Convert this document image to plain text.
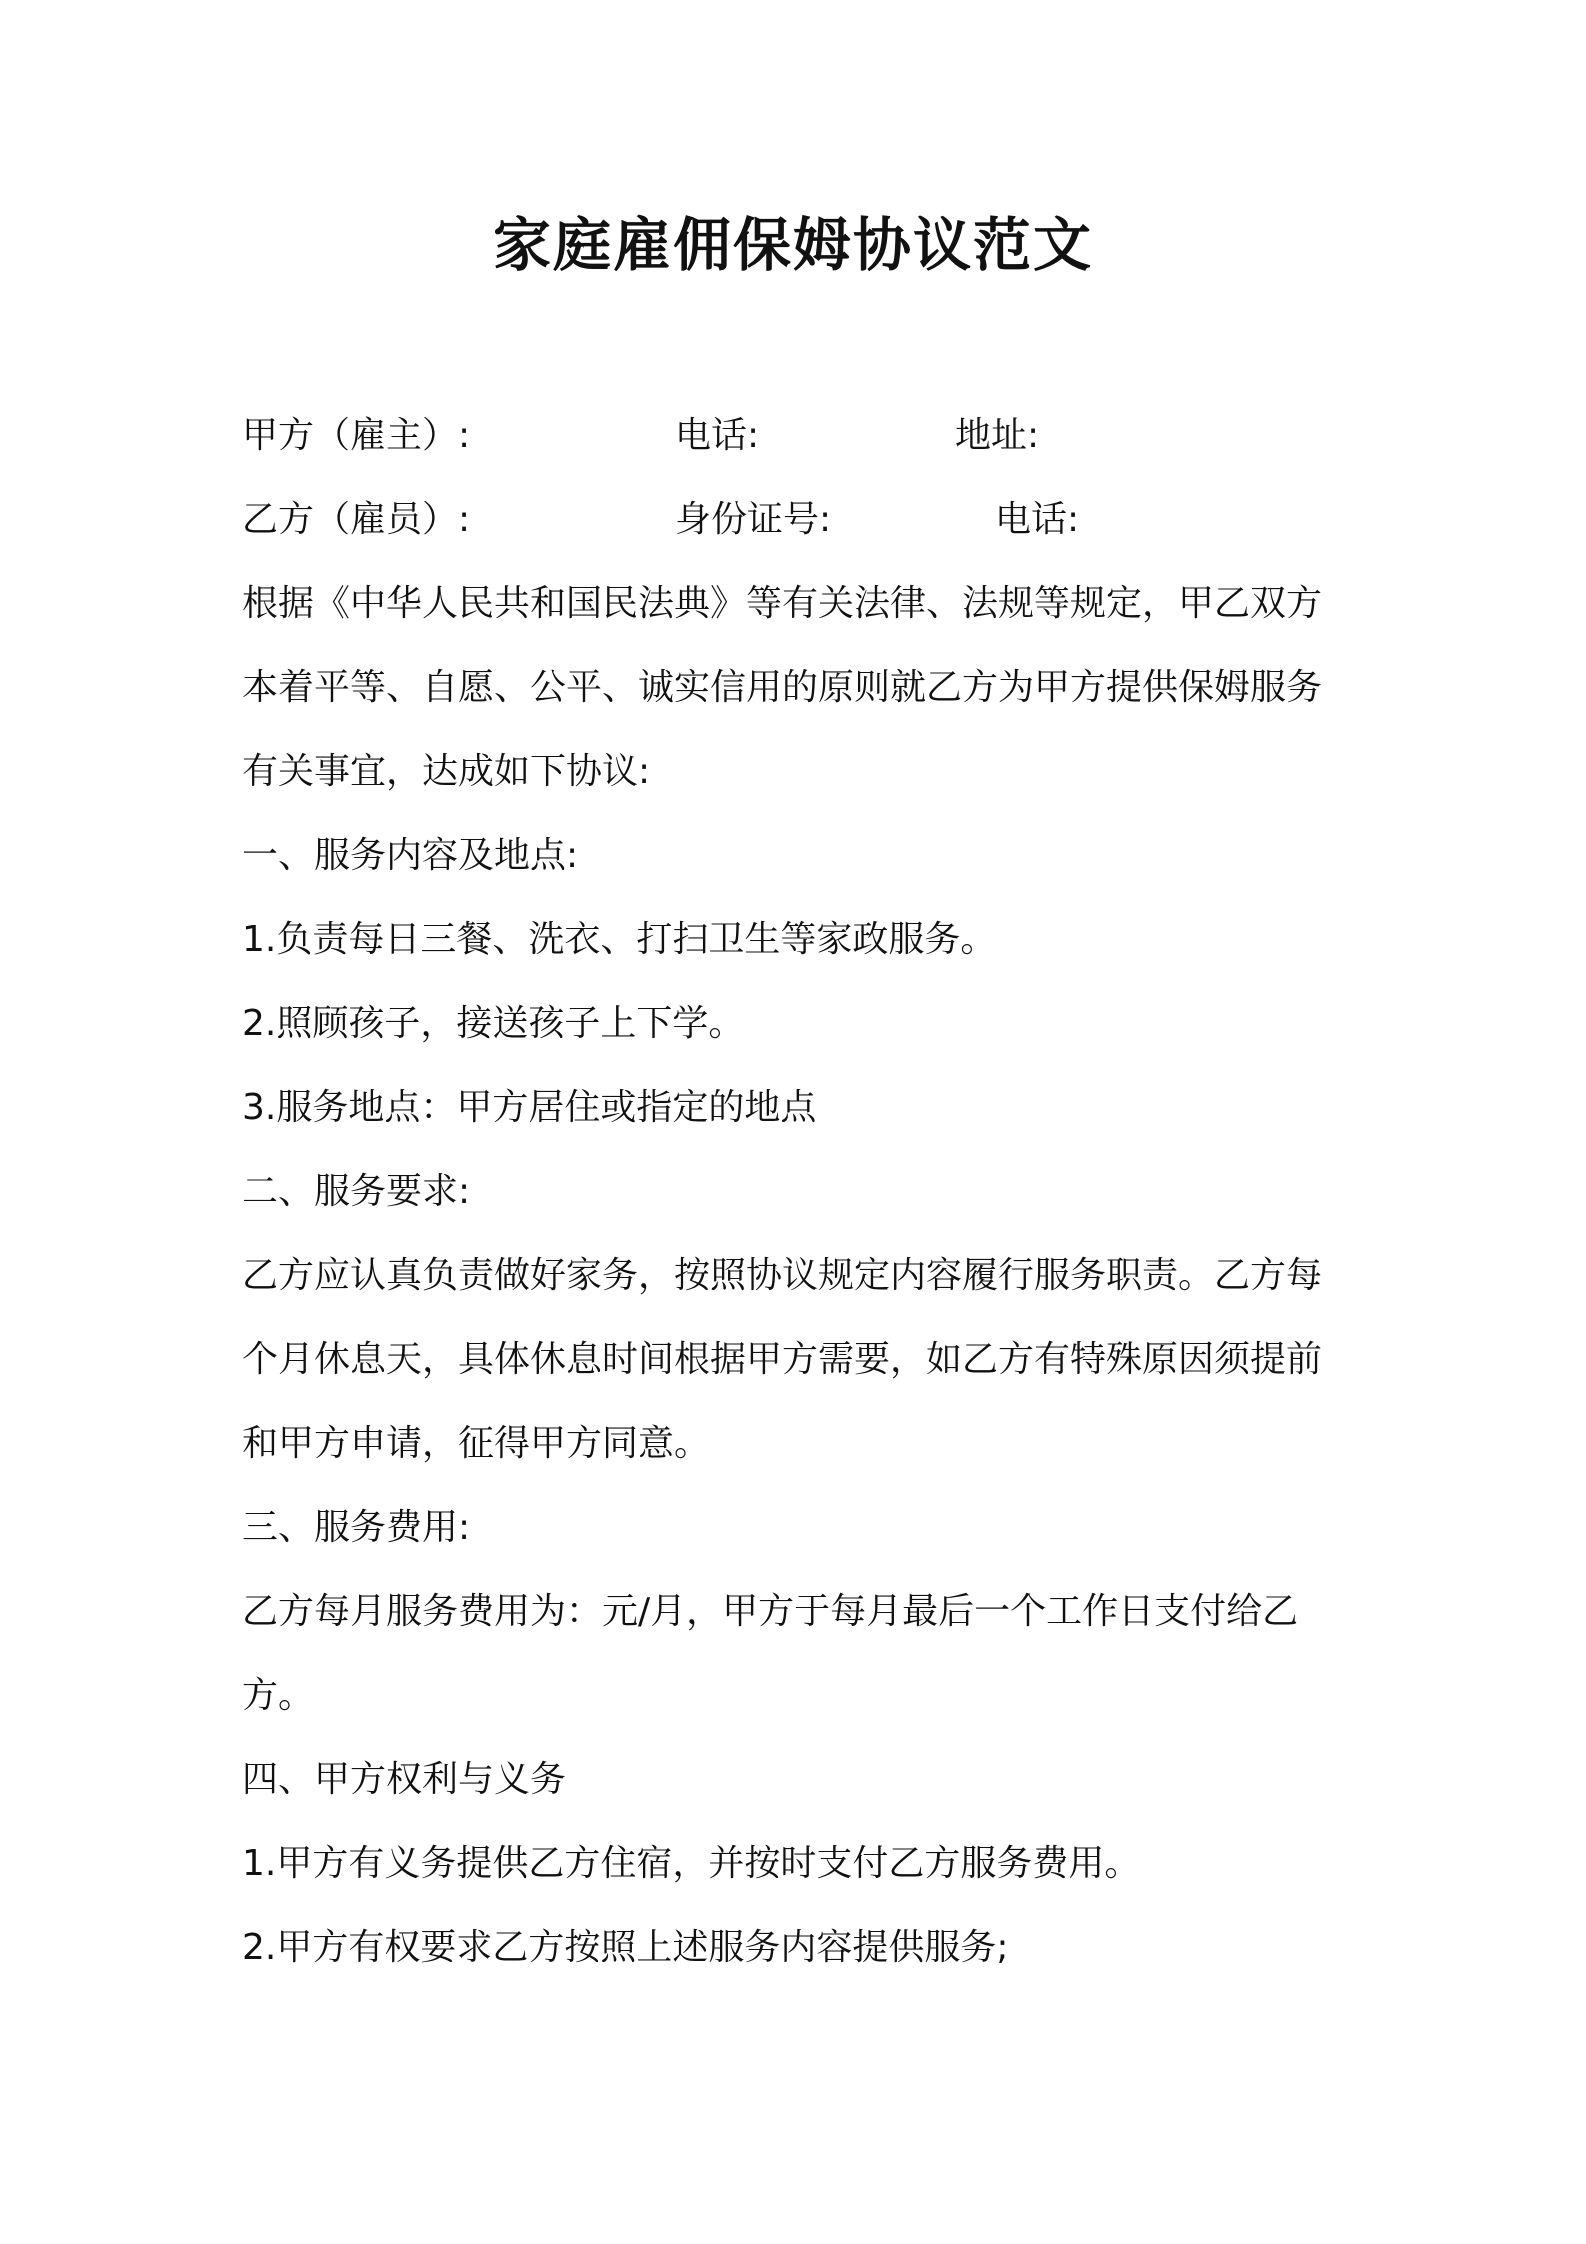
家庭雇佣保姆协议范文
甲方（雇主）:	电话:	地址:
乙方（雇员）:	身份证号:	电话:
根据《中华人民共和国民法典》等有关法律、法规等规定，甲乙双方
本着平等、自愿、公平、诚实信用的原则就乙方为甲方提供保姆服务
有关事宜，达成如下协议:
一、服务内容及地点:
1.负责每日三餐、洗衣、打扫卫生等家政服务。
2.照顾孩子，接送孩子上下学。
3.服务地点：甲方居住或指定的地点
二、服务要求:
乙方应认真负责做好家务，按照协议规定内容履行服务职责。乙方每
个月休息天，具体休息时间根据甲方需要，如乙方有特殊原因须提前
和甲方申请，征得甲方同意。
三、服务费用:
乙方每月服务费用为：元/月，甲方于每月最后一个工作日支付给乙
方。
四、甲方权利与义务
1.甲方有义务提供乙方住宿，并按时支付乙方服务费用。
2.甲方有权要求乙方按照上述服务内容提供服务;
